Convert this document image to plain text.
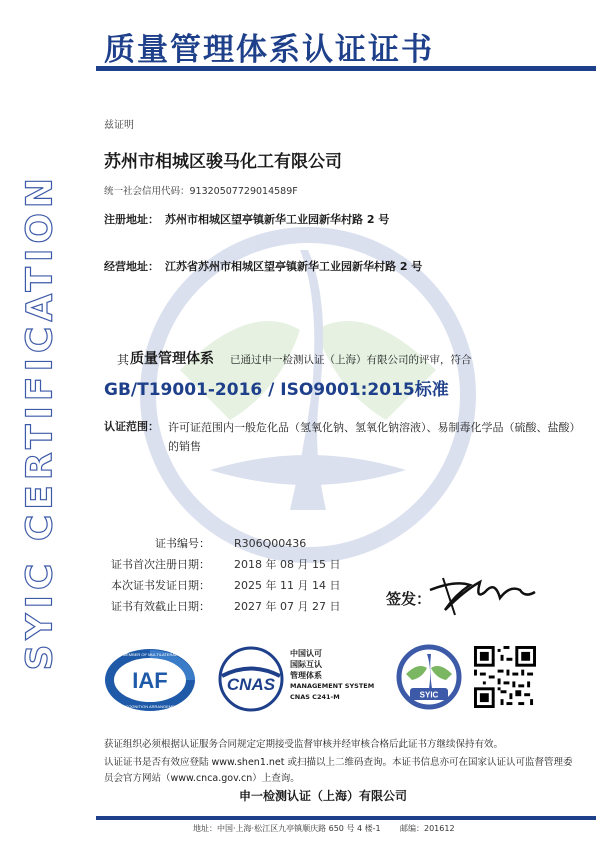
质量管理体系认证证书
SYIC CERTIFICATION
兹证明
苏州市相城区骏马化工有限公司
统一社会信用代码：91320507729014589F
注册地址： 苏州市相城区望亭镇新华工业园新华村路 2 号
经营地址： 江苏省苏州市相城区望亭镇新华工业园新华村路 2 号
其 质量管理体系 已通过申一检测认证（上海）有限公司的评审，符合
GB/T19001-2016 / ISO9001:2015标准
认证范围： 许可证范围内一般危化品（氢氧化钠、氢氧化钠溶液）、易制毒化学品（硫酸、盐酸）的销售
证书编号： R306Q00436
证书首次注册日期： 2018 年 08 月 15 日
本次证书发证日期： 2025 年 11 月 14 日
证书有效截止日期： 2027 年 07 月 27 日	签发：
IAF
MEMBER OF MULTILATERAL
RECOGNITION ARRANGEMENT
CNAS
中国认可
国际互认
管理体系
MANAGEMENT SYSTEM
CNAS C241-M	SYIC
获证组织必须根据认证服务合同规定定期接受监督审核并经审核合格后此证书方继续保持有效。
认证证书是否有效应登陆 www.shen1.net 或扫描以上二维码查询。本证书信息亦可在国家认证认可监督管理委
员会官方网站（www.cnca.gov.cn）上查询。
申一检测认证（上海）有限公司
地址：中国·上海·松江区九亭镇顺庆路 650 号 4 楼-1 邮编：201612
